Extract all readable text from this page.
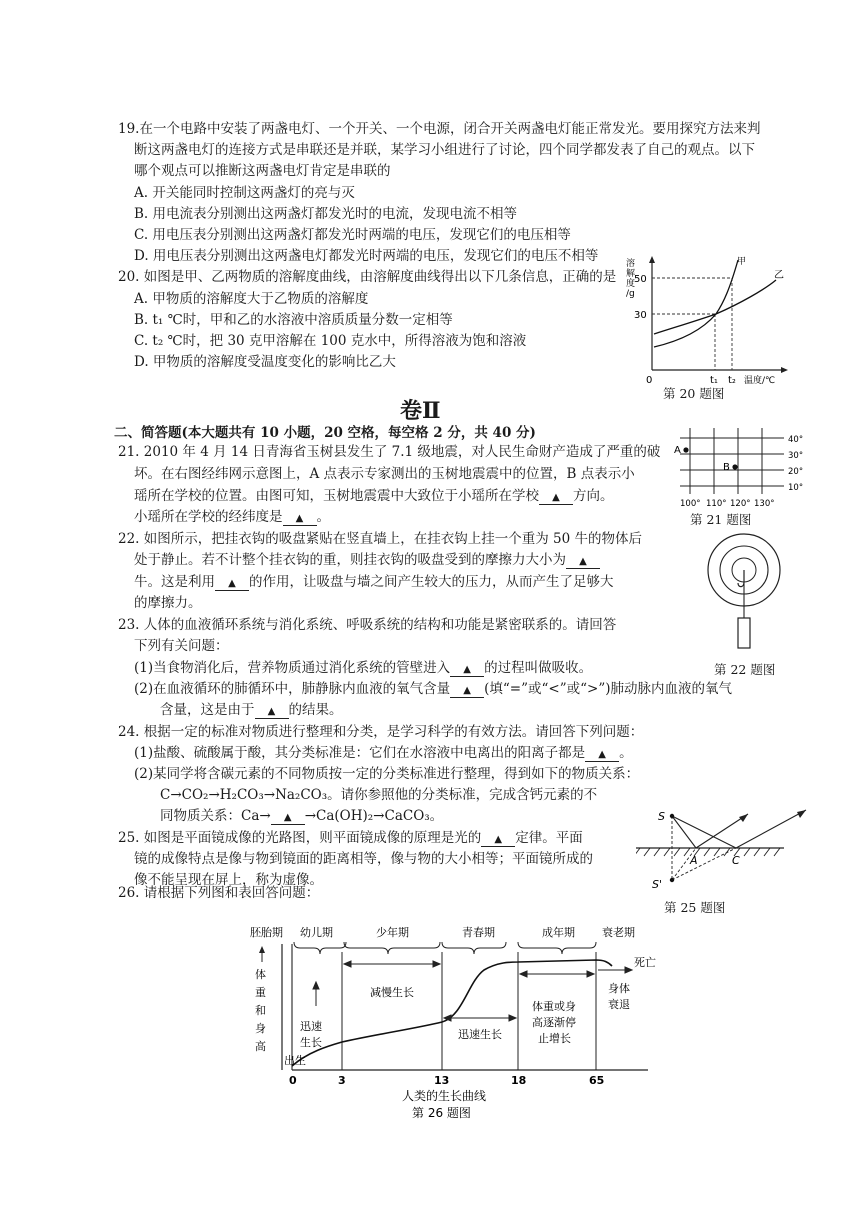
19.在一个电路中安装了两盏电灯、一个开关、一个电源，闭合开关两盏电灯能正常发光。要用探究方法来判
断这两盏电灯的连接方式是串联还是并联，某学习小组进行了讨论，四个同学都发表了自己的观点。以下
哪个观点可以推断这两盏电灯肯定是串联的
A. 开关能同时控制这两盏灯的亮与灭
B. 用电流表分别测出这两盏灯都发光时的电流，发现电流不相等
C. 用电压表分别测出这两盏灯都发光时两端的电压，发现它们的电压相等
D. 用电压表分别测出这两盏电灯都发光时两端的电压，发现它们的电压不相等
20. 如图是甲、乙两物质的溶解度曲线，由溶解度曲线得出以下几条信息，正确的是
A. 甲物质的溶解度大于乙物质的溶解度
B. t₁ ℃时，甲和乙的水溶液中溶质质量分数一定相等
C. t₂ ℃时，把 30 克甲溶解在 100 克水中，所得溶液为饱和溶液
D. 甲物质的溶解度受温度变化的影响比乙大
溶解度/g
50
30
0	t₁ t₂ 温度/℃
甲
乙
第 20 题图
卷Ⅱ
二、简答题(本大题共有 10 小题，20 空格，每空格 2 分，共 40 分)
21. 2010 年 4 月 14 日青海省玉树县发生了 7.1 级地震，对人民生命财产造成了严重的破
坏。在右图经纬网示意图上，A 点表示专家测出的玉树地震震中的位置，B 点表示小
瑶所在学校的位置。由图可知，玉树地震震中大致位于小瑶所在学校 ▲ 方向。
小瑶所在学校的经纬度是 ▲ 。
A
B
40°
30°
20°
10°
100° 110° 120° 130°
第 21 题图
22. 如图所示，把挂衣钩的吸盘紧贴在竖直墙上，在挂衣钩上挂一个重为 50 牛的物体后
处于静止。若不计整个挂衣钩的重，则挂衣钩的吸盘受到的摩擦力大小为 ▲
牛。这是利用 ▲ 的作用，让吸盘与墙之间产生较大的压力，从而产生了足够大
的摩擦力。
第 22 题图
23. 人体的血液循环系统与消化系统、呼吸系统的结构和功能是紧密联系的。请回答
下列有关问题：
(1)当食物消化后，营养物质通过消化系统的管壁进入 ▲ 的过程叫做吸收。
(2)在血液循环的肺循环中，肺静脉内血液的氧气含量 ▲ (填“=”或“<”或“>”)肺动脉内血液的氧气
含量，这是由于 ▲ 的结果。
24. 根据一定的标准对物质进行整理和分类，是学习科学的有效方法。请回答下列问题：
(1)盐酸、硫酸属于酸，其分类标准是：它们在水溶液中电离出的阳离子都是 ▲ 。
(2)某同学将含碳元素的不同物质按一定的分类标准进行整理，得到如下的物质关系：
C→CO₂→H₂CO₃→Na₂CO₃。请你参照他的分类标准，完成含钙元素的不
同物质关系：Ca→ ▲ →Ca(OH)₂→CaCO₃。
25. 如图是平面镜成像的光路图，则平面镜成像的原理是光的 ▲ 定律。平面
镜的成像特点是像与物到镜面的距离相等，像与物的大小相等；平面镜所成的
像不能呈现在屏上，称为虚像。
S
S'
A	C
第 25 题图
26. 请根据下列图和表回答问题：
胚胎期 幼儿期	少年期	青春期	成年期 衰老期
体
重
和
身
高
减慢生长
迅速
生长
迅速生长
体重或身
高逐渐停
止增长
身体
衰退
死亡
出生
0	3	13	18	65
人类的生长曲线
第 26 题图
